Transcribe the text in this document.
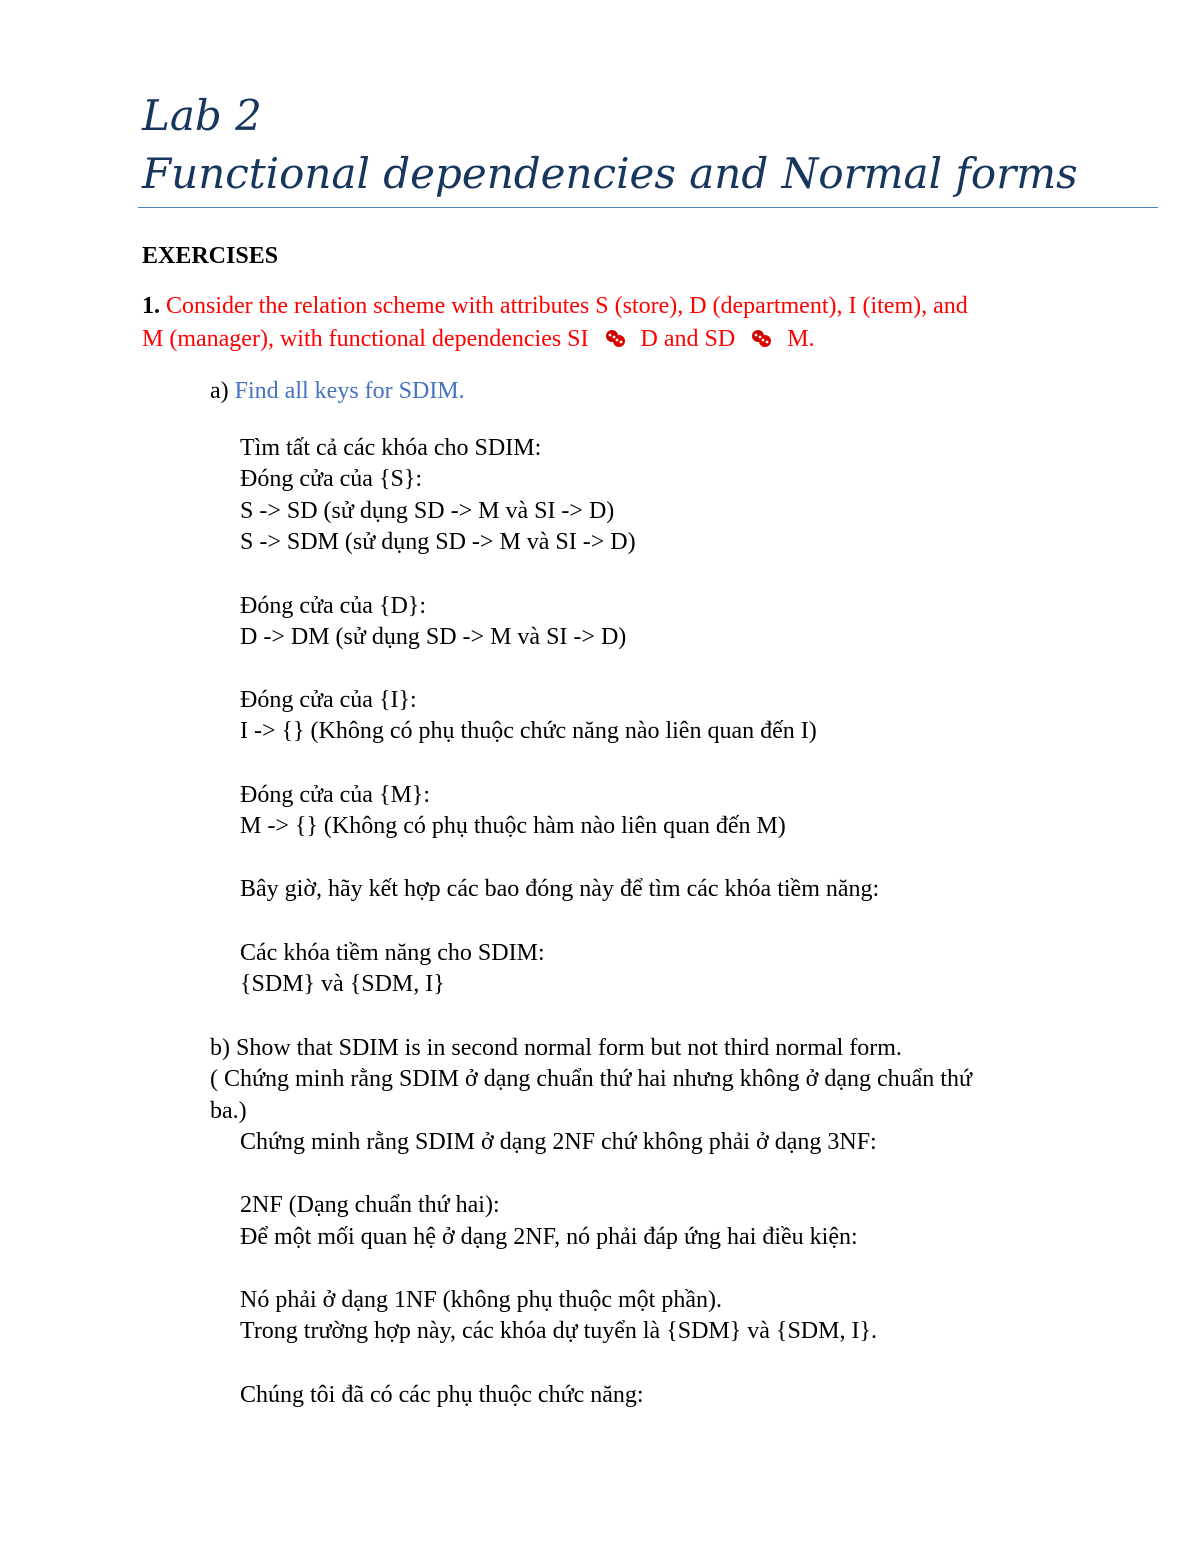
Lab 2
Functional dependencies and Normal forms
EXERCISES
1. Consider the relation scheme with attributes S (store), D (department), I (item), and
M (manager), with functional dependencies SI D and SD M.
a) Find all keys for SDIM.
Tìm tất cả các khóa cho SDIM:
Đóng cửa của {S}:
S -> SD (sử dụng SD -> M và SI -> D)
S -> SDM (sử dụng SD -> M và SI -> D)
Đóng cửa của {D}:
D -> DM (sử dụng SD -> M và SI -> D)
Đóng cửa của {I}:
I -> {} (Không có phụ thuộc chức năng nào liên quan đến I)
Đóng cửa của {M}:
M -> {} (Không có phụ thuộc hàm nào liên quan đến M)
Bây giờ, hãy kết hợp các bao đóng này để tìm các khóa tiềm năng:
Các khóa tiềm năng cho SDIM:
{SDM} và {SDM, I}
b) Show that SDIM is in second normal form but not third normal form.
( Chứng minh rằng SDIM ở dạng chuẩn thứ hai nhưng không ở dạng chuẩn thứ
ba.)
Chứng minh rằng SDIM ở dạng 2NF chứ không phải ở dạng 3NF:
2NF (Dạng chuẩn thứ hai):
Để một mối quan hệ ở dạng 2NF, nó phải đáp ứng hai điều kiện:
Nó phải ở dạng 1NF (không phụ thuộc một phần).
Trong trường hợp này, các khóa dự tuyển là {SDM} và {SDM, I}.
Chúng tôi đã có các phụ thuộc chức năng:
